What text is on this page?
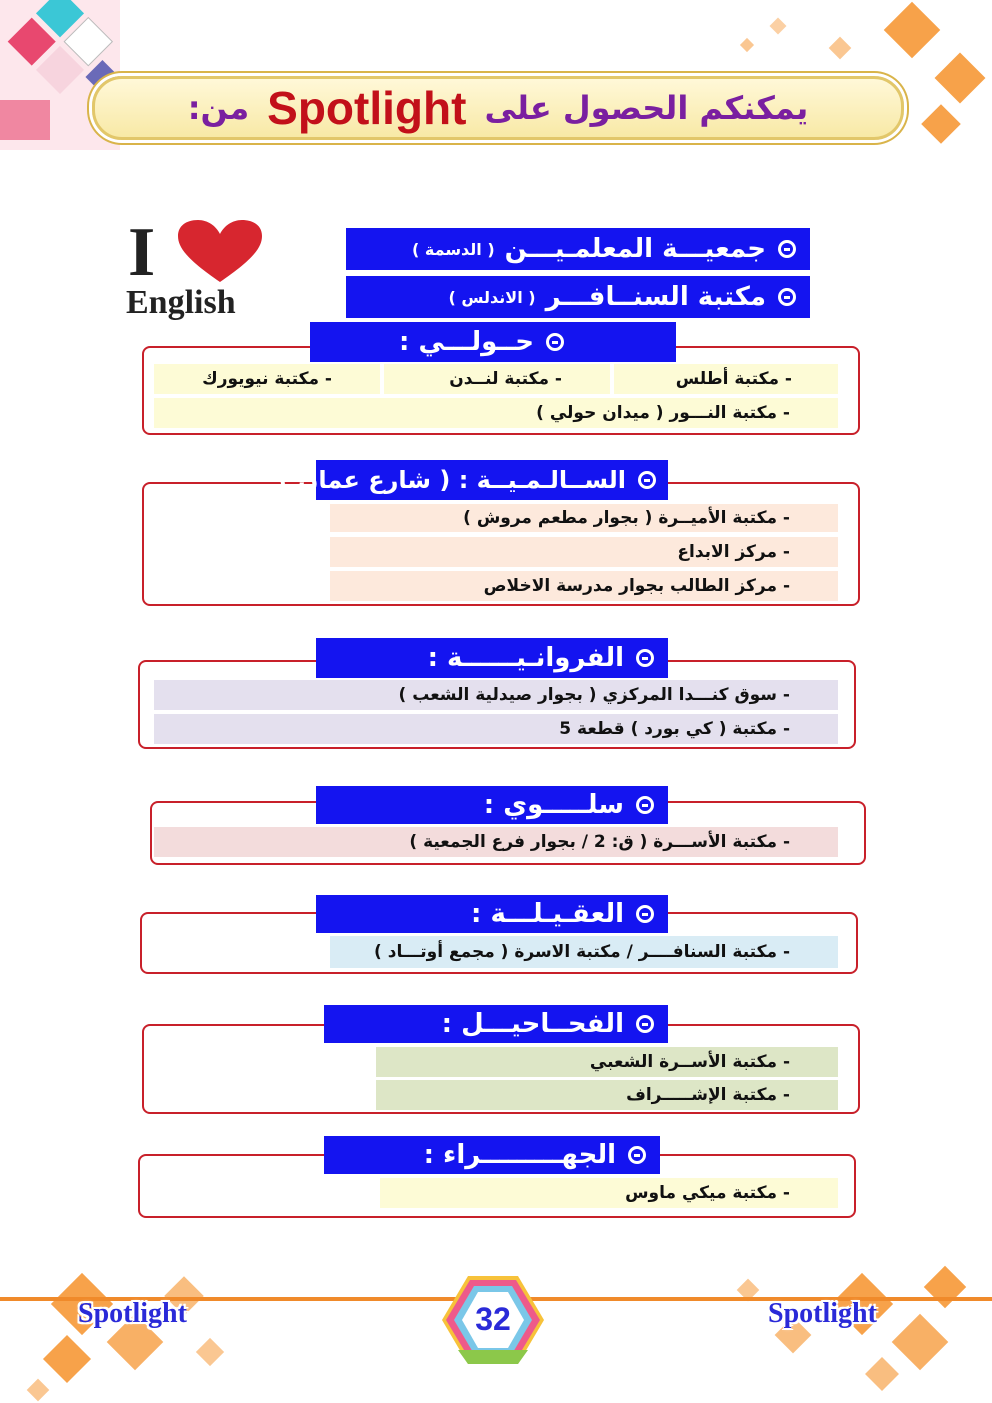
يمكنكم الحصول على
Spotlight
من:
I
English
جمعيـــة المعلمـيـــن
( الدسمة )
مكتبة السنــافـــر
( الاندلس )
حــولـــي :
- مكتبة أطلس
- مكتبة لنــدن
- مكتبة نيويورك
- مكتبة النـــور ( ميدان حولي )
الســالـمـيــة : ( شارع عمان )
- مكتبة الأميــرة ( بجوار مطعم مروش )
- مركز الابداع
- مركز الطالب بجوار مدرسة الاخلاص
الفروانـيــــــة :
- سوق كنـــدا المركزي ( بجوار صيدلية الشعب )
- مكتبة ( كي بورد ) قطعة 5
سلـــــوي :
- مكتبة الأســـرة ( ق: 2 / بجوار فرع الجمعية )
العقـيـلـــة :
- مكتبة السنافــــر / مكتبة الاسرة ( مجمع أوتـــاد )
الفحــاحيـــل :
- مكتبة الأســرة الشعبي
- مكتبة الإشـــــراف
الجهـــــــــراء :
- مكتبة ميكي ماوس
Spotlight	Spotlight
32
